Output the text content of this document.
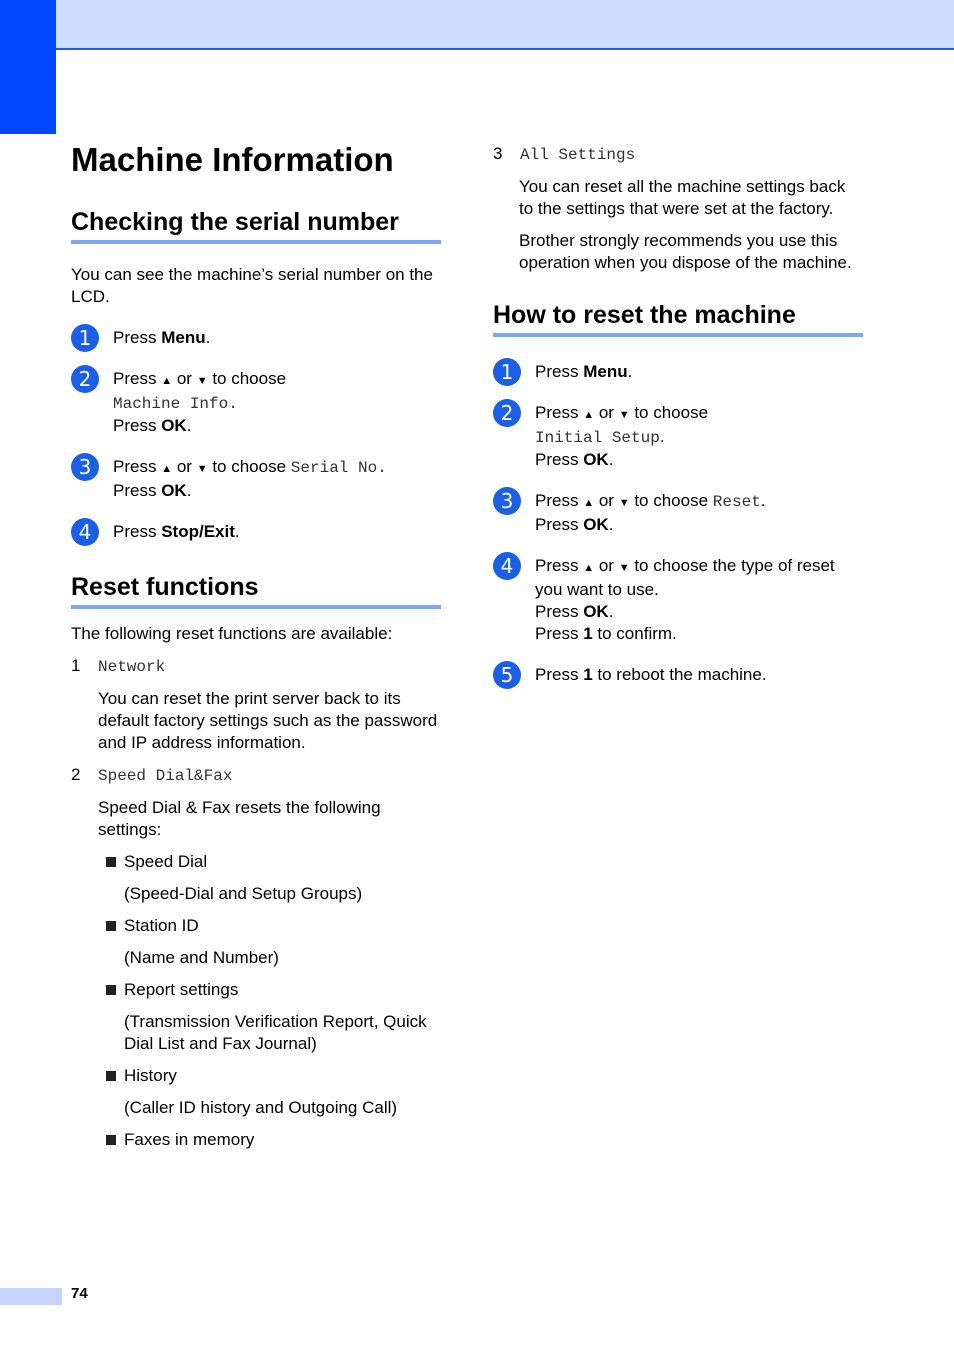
Machine Information
Checking the serial number

You can see the machine’s serial number on the LCD.

1	Press Menu.
2	Press ▲ or ▼ to choose
Machine Info.
Press OK.
3	Press ▲ or ▼ to choose Serial No.
Press OK.
4	Press Stop/Exit.
Reset functions

The following reset functions are available:

1 Network

You can reset the print server back to its default factory settings such as the password and IP address information.

2 Speed Dial&Fax

Speed Dial & Fax resets the following settings:

Speed Dial

(Speed-Dial and Setup Groups)

Station ID

(Name and Number)

Report settings

(Transmission Verification Report, Quick Dial List and Fax Journal)

History

(Caller ID history and Outgoing Call)

Faxes in memory
3 All Settings

You can reset all the machine settings back to the settings that were set at the factory.

Brother strongly recommends you use this operation when you dispose of the machine.

How to reset the machine
1	Press Menu.
2	Press ▲ or ▼ to choose
Initial Setup.
Press OK.
3	Press ▲ or ▼ to choose Reset.
Press OK.
4	Press ▲ or ▼ to choose the type of reset you want to use.
Press OK.
Press 1 to confirm.
5	Press 1 to reboot the machine.
74
